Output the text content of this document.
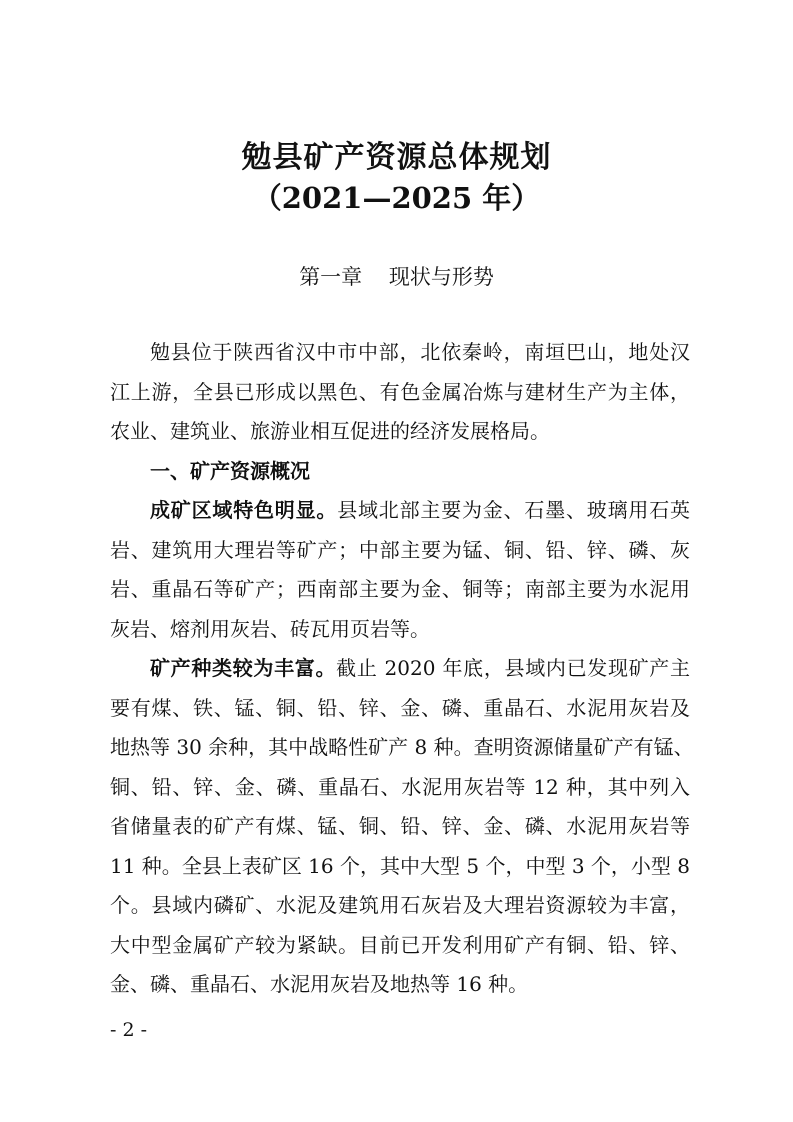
勉县矿产资源总体规划
（2021—2025 年）
第一章    现状与形势
勉县位于陕西省汉中市中部，北依秦岭，南垣巴山，地处汉
江上游，全县已形成以黑色、有色金属冶炼与建材生产为主体，
农业、建筑业、旅游业相互促进的经济发展格局。
一、矿产资源概况
成矿区域特色明显。县域北部主要为金、石墨、玻璃用石英
岩、建筑用大理岩等矿产；中部主要为锰、铜、铅、锌、磷、灰
岩、重晶石等矿产；西南部主要为金、铜等；南部主要为水泥用
灰岩、熔剂用灰岩、砖瓦用页岩等。
矿产种类较为丰富。截止 2020 年底，县域内已发现矿产主
要有煤、铁、锰、铜、铅、锌、金、磷、重晶石、水泥用灰岩及
地热等 30 余种，其中战略性矿产 8 种。查明资源储量矿产有锰、
铜、铅、锌、金、磷、重晶石、水泥用灰岩等 12 种，其中列入
省储量表的矿产有煤、锰、铜、铅、锌、金、磷、水泥用灰岩等
11 种。全县上表矿区 16 个，其中大型 5 个，中型 3 个，小型 8
个。县域内磷矿、水泥及建筑用石灰岩及大理岩资源较为丰富，
大中型金属矿产较为紧缺。目前已开发利用矿产有铜、铅、锌、
金、磷、重晶石、水泥用灰岩及地热等 16 种。
- 2 -
